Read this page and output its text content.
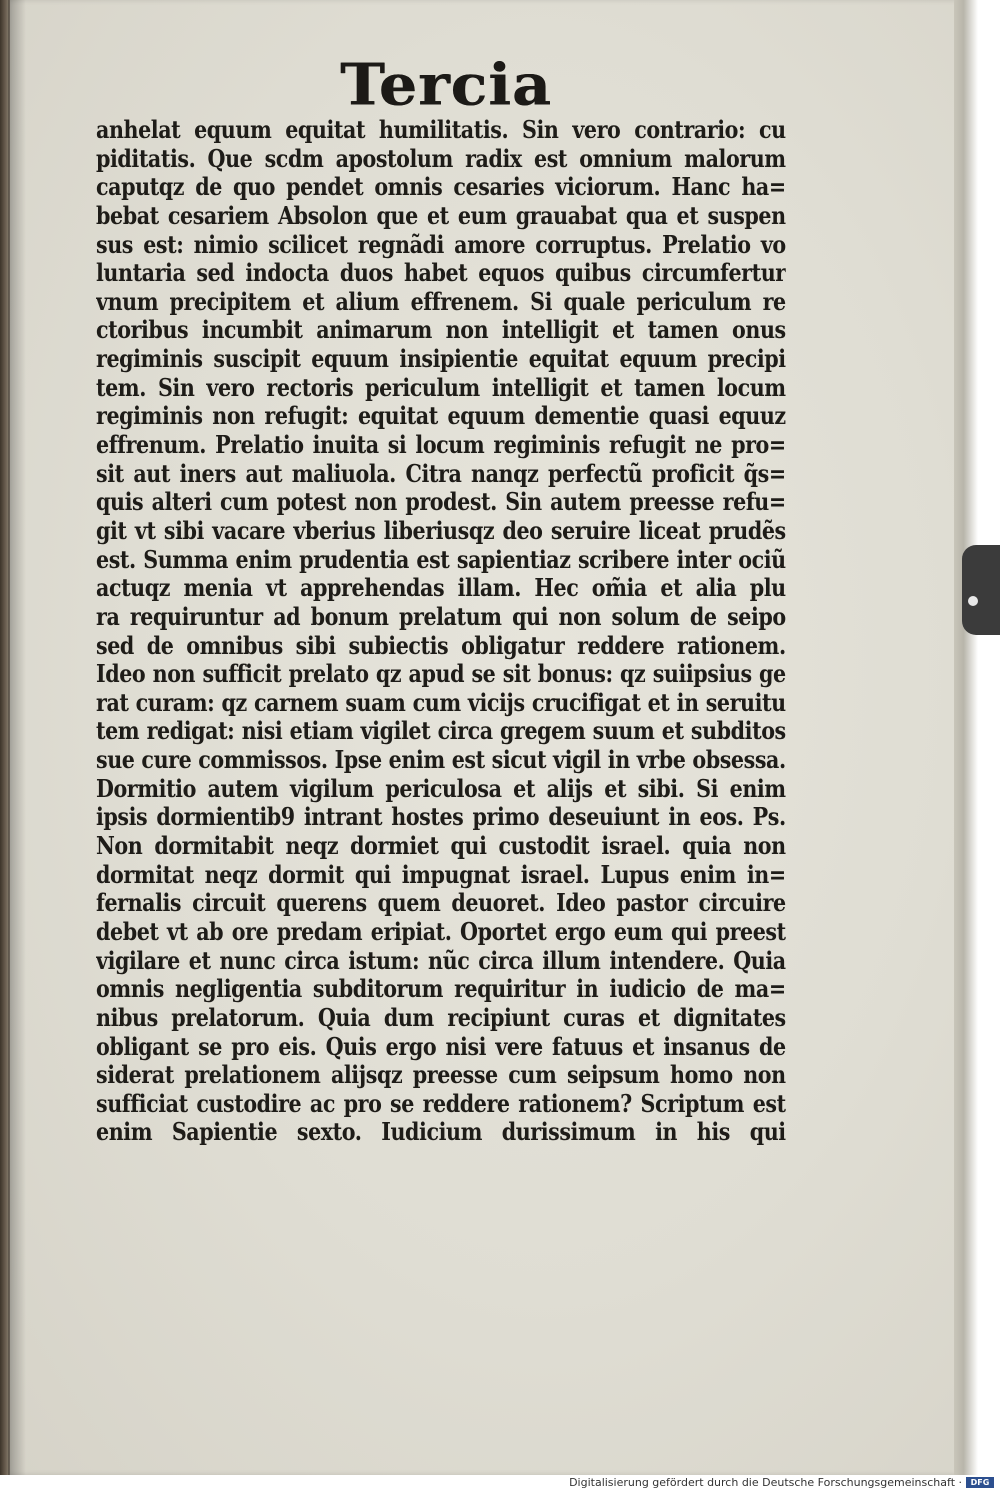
Tercia
anhelat equum equitat humilitatis. Sin vero contrario: cu
piditatis. Que scdm apostolum radix est omnium malorum
caputqz de quo pendet omnis cesaries viciorum. Hanc ha=
bebat cesariem Absolon que et eum grauabat qua et suspen
sus est: nimio scilicet regnãdi amore corruptus. Prelatio vo
luntaria sed indocta duos habet equos quibus circumfertur
vnum precipitem et alium effrenem. Si quale periculum re
ctoribus incumbit animarum non intelligit et tamen onus
regiminis suscipit equum insipientie equitat equum precipi
tem. Sin vero rectoris periculum intelligit et tamen locum
regiminis non refugit: equitat equum dementie quasi equuz
effrenum. Prelatio inuita si locum regiminis refugit ne pro=
sit aut iners aut maliuola. Citra nanqz perfectũ proficit q̃s=
quis alteri cum potest non prodest. Sin autem preesse refu=
git vt sibi vacare vberius liberiusqz deo seruire liceat prudẽs
est. Summa enim prudentia est sapientiaz scribere inter ociũ
actuqz menia vt apprehendas illam. Hec om̃ia et alia plu
ra requiruntur ad bonum prelatum qui non solum de seipo
sed de omnibus sibi subiectis obligatur reddere rationem.
Ideo non sufficit prelato qz apud se sit bonus: qz suiipsius ge
rat curam: qz carnem suam cum vicijs crucifigat et in seruitu
tem redigat: nisi etiam vigilet circa gregem suum et subditos
sue cure commissos. Ipse enim est sicut vigil in vrbe obsessa.
Dormitio autem vigilum periculosa et alijs et sibi. Si enim
ipsis dormientib9 intrant hostes primo deseuiunt in eos. Ps.
Non dormitabit neqz dormiet qui custodit israel. quia non
dormitat neqz dormit qui impugnat israel. Lupus enim in=
fernalis circuit querens quem deuoret. Ideo pastor circuire
debet vt ab ore predam eripiat. Oportet ergo eum qui preest
vigilare et nunc circa istum: nũc circa illum intendere. Quia
omnis negligentia subditorum requiritur in iudicio de ma=
nibus prelatorum. Quia dum recipiunt curas et dignitates
obligant se pro eis. Quis ergo nisi vere fatuus et insanus de
siderat prelationem alijsqz preesse cum seipsum homo non
sufficiat custodire ac pro se reddere rationem? Scriptum est
enim Sapientie sexto. Iudicium durissimum in his qui
Digitalisierung gefördert durch die Deutsche Forschungsgemeinschaft ·	DFG
